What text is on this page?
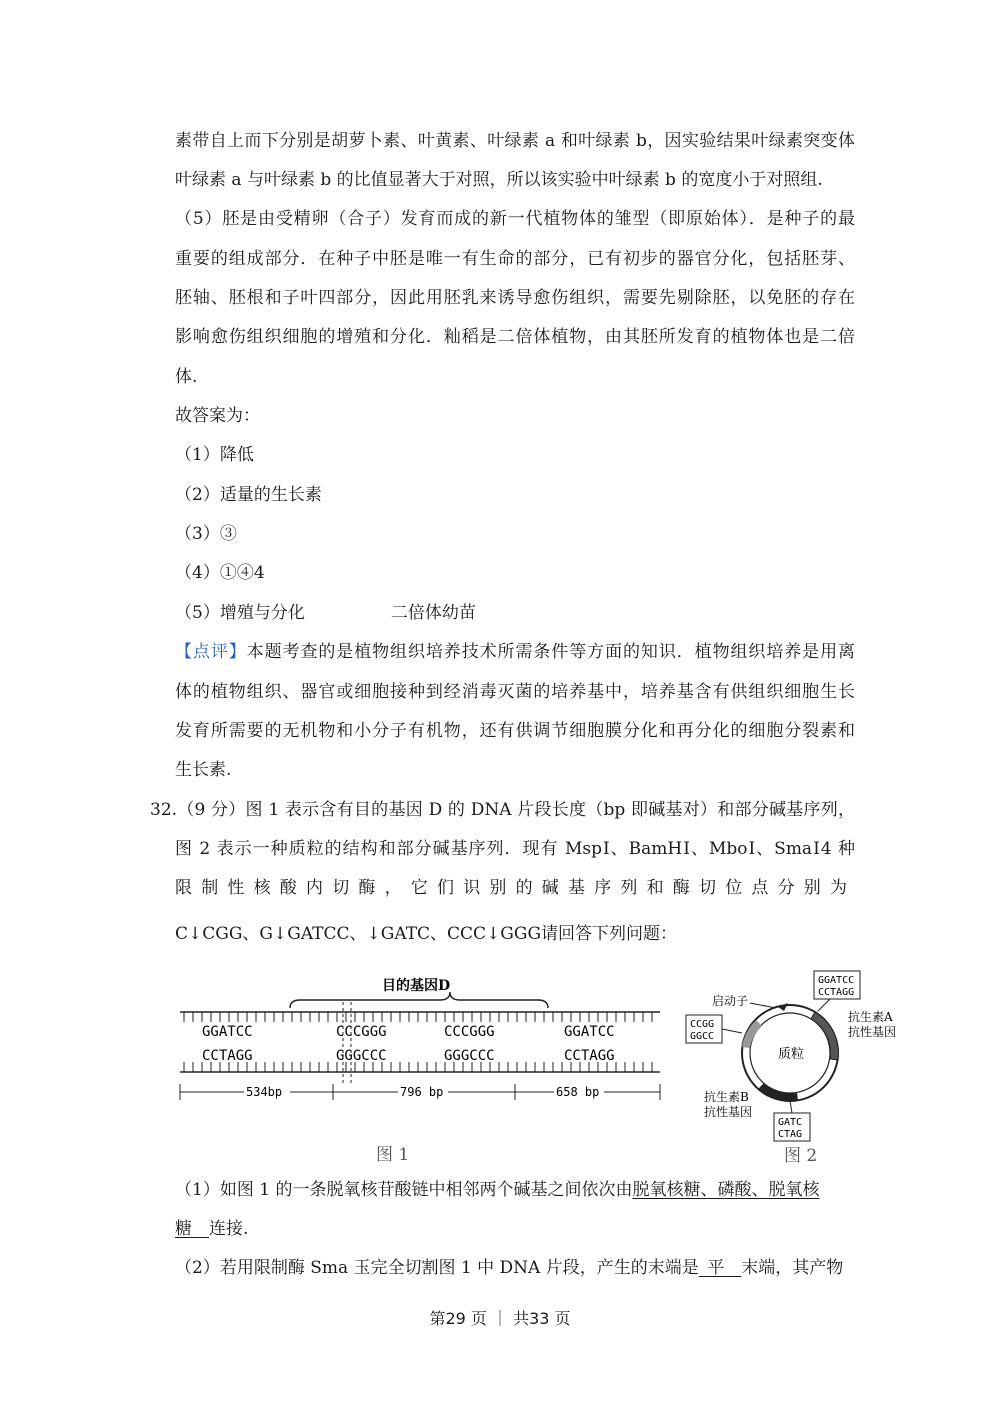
素带自上而下分别是胡萝卜素、叶黄素、叶绿素 a 和叶绿素 b，因实验结果叶绿素突变体
叶绿素 a 与叶绿素 b 的比值显著大于对照，所以该实验中叶绿素 b 的宽度小于对照组.
（5）胚是由受精卵（合子）发育而成的新一代植物体的雏型（即原始体）．是种子的最
重要的组成部分．在种子中胚是唯一有生命的部分，已有初步的器官分化，包括胚芽、
胚轴、胚根和子叶四部分，因此用胚乳来诱导愈伤组织，需要先剔除胚，以免胚的存在
影响愈伤组织细胞的增殖和分化．籼稻是二倍体植物，由其胚所发育的植物体也是二倍
体.
故答案为：
（1）降低
（2）适量的生长素
（3）③
（4）①④4
（5）增殖与分化	二倍体幼苗
【点评】本题考查的是植物组织培养技术所需条件等方面的知识．植物组织培养是用离
体的植物组织、器官或细胞接种到经消毒灭菌的培养基中，培养基含有供组织细胞生长
发育所需要的无机物和小分子有机物，还有供调节细胞膜分化和再分化的细胞分裂素和
生长素.
32.（9 分）图 1 表示含有目的基因 D 的 DNA 片段长度（bp 即碱基对）和部分碱基序列，
图 2 表示一种质粒的结构和部分碱基序列．现有 MspⅠ、BamHⅠ、MboⅠ、SmaⅠ4 种
限制性核酸内切酶，它们识别的碱基序列和酶切位点分别为
C↓CGG、G↓GATCC、↓GATC、CCC↓GGG请回答下列问题：
目的基因D
GGATCC	CCCGGG	CCCGGG	GGATCC
CCTAGG	GGGCCC	GGGCCC	CCTAGG
534bp	796 bp	658 bp
图 1
启动子
质粒
GGATCC
CCTAGG
CCGG
GGCC
GATC
CTAG
抗生素A
抗性基因
抗生素B
抗性基因
图 2
（1）如图 1 的一条脱氧核苷酸链中相邻两个碱基之间依次由脱氧核糖、磷酸、脱氧核
糖  连接.
（2）若用限制酶 Sma 玉完全切割图 1 中 DNA 片段，产生的末端是  平  末端，其产物
第29 页 ｜ 共33 页
